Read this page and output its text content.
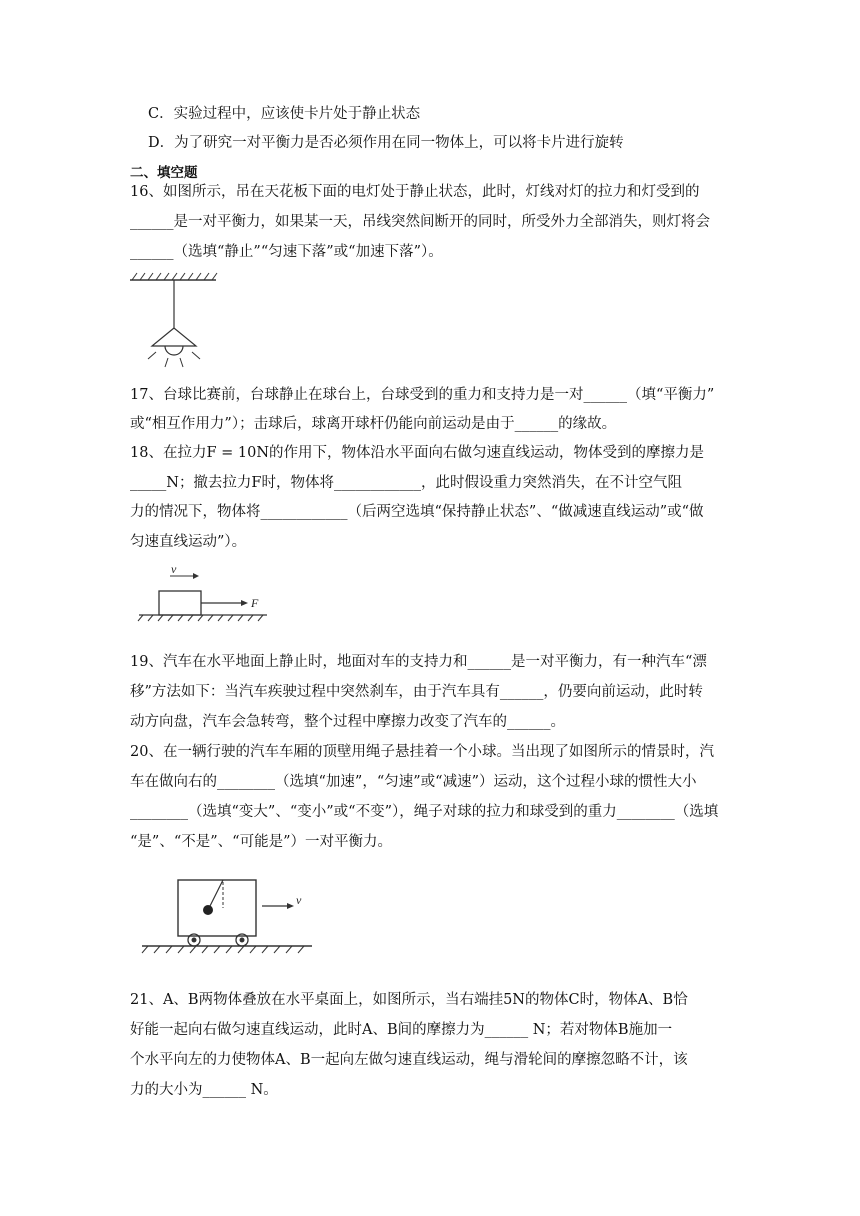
C．实验过程中，应该使卡片处于静止状态
D．为了研究一对平衡力是否必须作用在同一物体上，可以将卡片进行旋转
二、填空题
16、如图所示，吊在天花板下面的电灯处于静止状态，此时，灯线对灯的拉力和灯受到的
______是一对平衡力，如果某一天，吊线突然间断开的同时，所受外力全部消失，则灯将会
______（选填“静止”“匀速下落”或“加速下落”）。
17、台球比赛前，台球静止在球台上，台球受到的重力和支持力是一对______（填“平衡力”
或“相互作用力”）；击球后，球离开球杆仍能向前运动是由于______的缘故。
18、在拉力F = 10N的作用下，物体沿水平面向右做匀速直线运动，物体受到的摩擦力是
_____N；撤去拉力F时，物体将____________，此时假设重力突然消失，在不计空气阻
力的情况下，物体将____________（后两空选填“保持静止状态”、“做减速直线运动”或“做
匀速直线运动”）。
v
F
19、汽车在水平地面上静止时，地面对车的支持力和______是一对平衡力，有一种汽车“漂
移”方法如下：当汽车疾驶过程中突然刹车，由于汽车具有______，仍要向前运动，此时转
动方向盘，汽车会急转弯，整个过程中摩擦力改变了汽车的______。
20、在一辆行驶的汽车车厢的顶壁用绳子悬挂着一个小球。当出现了如图所示的情景时，汽
车在做向右的________（选填“加速”，“匀速”或“减速”）运动，这个过程小球的惯性大小
________（选填“变大”、“变小”或“不变”），绳子对球的拉力和球受到的重力________（选填
“是”、“不是”、“可能是”）一对平衡力。
v
21、A、B两物体叠放在水平桌面上，如图所示，当右端挂5N的物体C时，物体A、B恰
好能一起向右做匀速直线运动，此时A、B间的摩擦力为______ N；若对物体B施加一
个水平向左的力使物体A、B一起向左做匀速直线运动，绳与滑轮间的摩擦忽略不计，该
力的大小为______ N。
